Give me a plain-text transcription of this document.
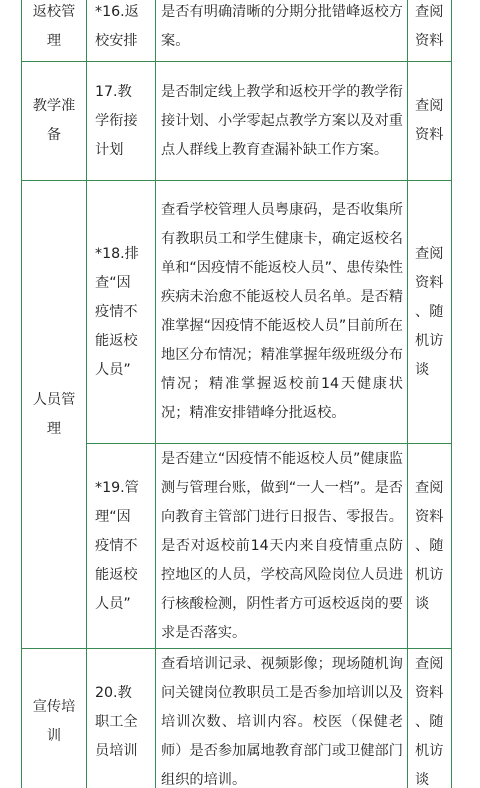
返校管
理	*16.返
校安排	是否有明确清晰的分期分批错峰返校方案。	查阅
资料

教学准
备	17.教
学衔接
计划	是否制定线上教学和返校开学的教学衔接计划、小学零起点教学方案以及对重点人群线上教育查漏补缺工作方案。	查阅
资料

人员管
理	*18.排
查“因
疫情不
能返校
人员”	查看学校管理人员粤康码，是否收集所有教职员工和学生健康卡，确定返校名单和“因疫情不能返校人员”、患传染性疾病未治愈不能返校人员名单。是否精准掌握“因疫情不能返校人员”目前所在地区分布情况；精准掌握年级班级分布情况；精准掌握返校前14天健康状况；精准安排错峰分批返校。	查阅
资料
、随
机访
谈

	*19.管
理“因
疫情不
能返校
人员”	是否建立“因疫情不能返校人员”健康监测与管理台账，做到“一人一档”。是否向教育主管部门进行日报告、零报告。是否对返校前14天内来自疫情重点防控地区的人员，学校高风险岗位人员进行核酸检测，阴性者方可返校返岗的要求是否落实。	查阅
资料
、随
机访
谈

宣传培
训	20.教
职工全
员培训	查看培训记录、视频影像；现场随机询问关键岗位教职员工是否参加培训以及培训次数、培训内容。校医（保健老师）是否参加属地教育部门或卫健部门组织的培训。	查阅
资料
、随
机访
谈
